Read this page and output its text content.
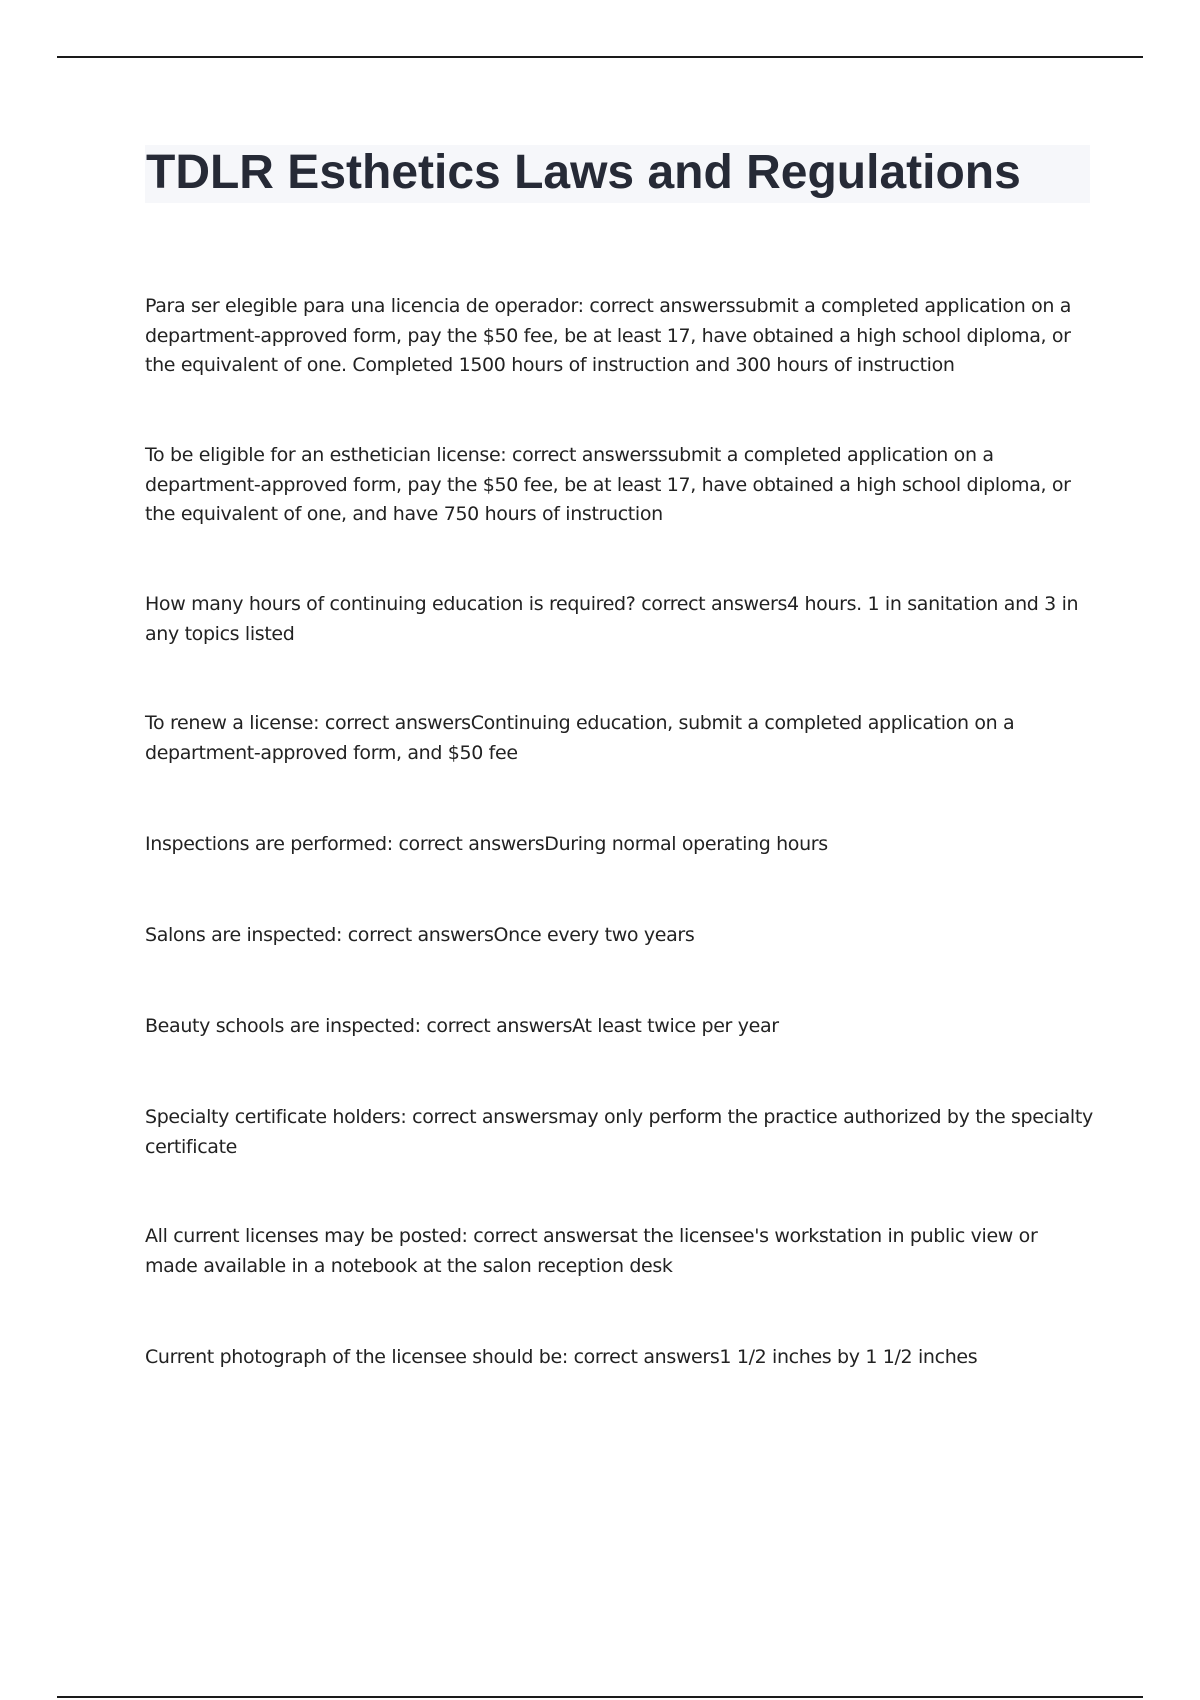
TDLR Esthetics Laws and Regulations

Para ser elegible para una licencia de operador: correct answerssubmit a completed application on a department-approved form, pay the $50 fee, be at least 17, have obtained a high school diploma, or the equivalent of one. Completed 1500 hours of instruction and 300 hours of instruction

To be eligible for an esthetician license: correct answerssubmit a completed application on a department-approved form, pay the $50 fee, be at least 17, have obtained a high school diploma, or the equivalent of one, and have 750 hours of instruction

How many hours of continuing education is required? correct answers4 hours. 1 in sanitation and 3 in any topics listed

To renew a license: correct answersContinuing education, submit a completed application on a department-approved form, and $50 fee

Inspections are performed: correct answersDuring normal operating hours

Salons are inspected: correct answersOnce every two years

Beauty schools are inspected: correct answersAt least twice per year

Specialty certificate holders: correct answersmay only perform the practice authorized by the specialty certificate

All current licenses may be posted: correct answersat the licensee's workstation in public view or made available in a notebook at the salon reception desk

Current photograph of the licensee should be: correct answers1 1/2 inches by 1 1/2 inches
